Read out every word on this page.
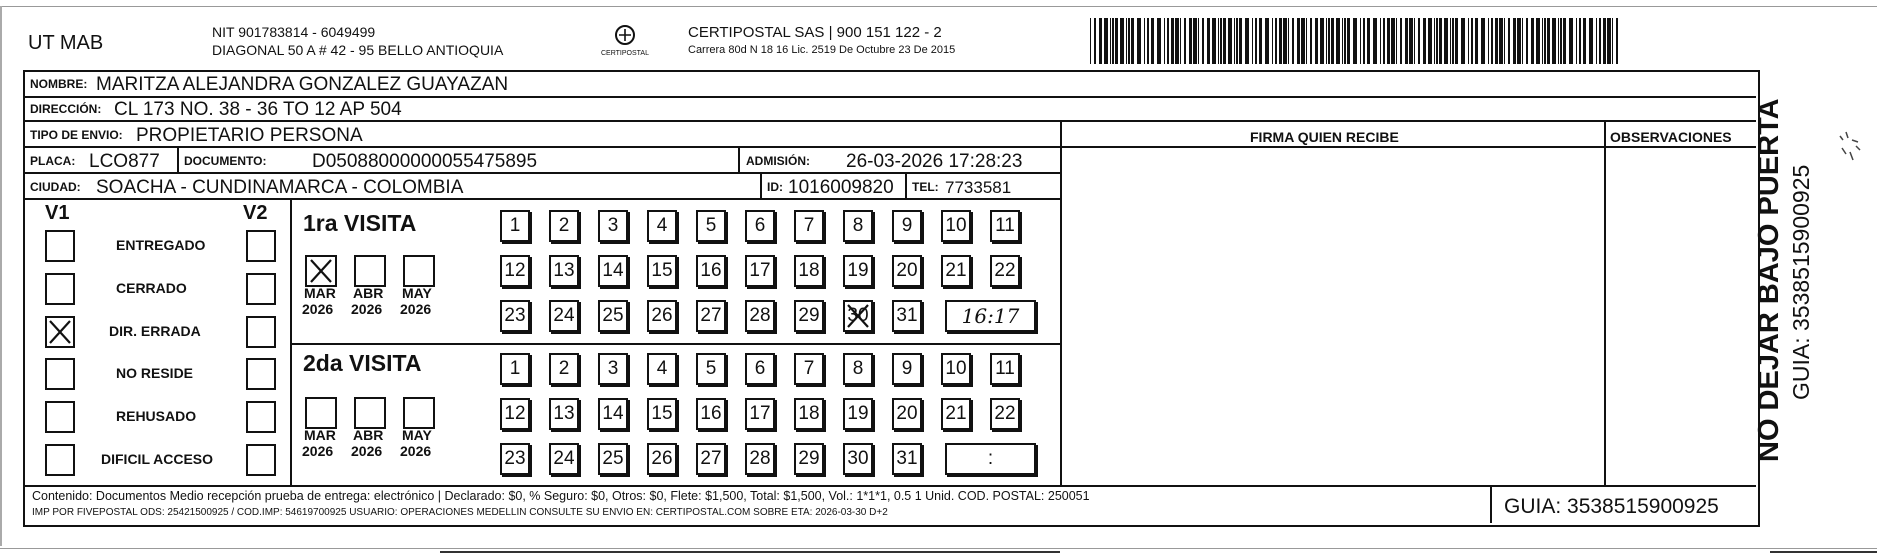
UT MAB	NIT 901783814 - 6049499
DIAGONAL 50 A # 42 - 95 BELLO ANTIOQUIA	CERTIPOSTAL
CERTIPOSTAL SAS | 900 151 122 - 2
Carrera 80d N 18 16 Lic. 2519 De Octubre 23 De 2015
NOMBRE: MARITZA ALEJANDRA GONZALEZ GUAYAZAN
DIRECCIÓN: CL 173 NO. 38 - 36 TO 12 AP 504
TIPO DE ENVIO: PROPIETARIO PERSONA	FIRMA QUIEN RECIBE	OBSERVACIONES
PLACA: LCO877 DOCUMENTO: D05088000000055475895	ADMISIÓN: 26-03-2026 17:28:23
CIUDAD: SOACHA - CUNDINAMARCA - COLOMBIA	ID: 1016009820 TEL: 7733581
V1	V2
ENTREGADO
CERRADO
DIR. ERRADA
NO RESIDE
REHUSADO
DIFICIL ACCESO
1ra VISITA
2da VISITA
MAR
2026
ABR
2026
MAY
2026
MAR
2026
ABR
2026
MAY
2026
1	2	3	4	5	6	7	8	9	10 11
12 13 14 15 16 17 18 19 20 21 22
23 24 25 26 27 28 29 30 31	16:17
1	2	3	4	5	6	7	8	9	10 11
12 13 14 15 16 17 18 19 20 21 22
23 24 25 26 27 28 29 30 31	:
Contenido: Documentos Medio recepción prueba de entrega: electrónico | Declarado: $0, % Seguro: $0, Otros: $0, Flete: $1,500, Total: $1,500, Vol.: 1*1*1, 0.5 1 Unid. COD. POSTAL: 250051
IMP POR FIVEPOSTAL ODS: 25421500925 / COD.IMP: 54619700925 USUARIO: OPERACIONES MEDELLIN CONSULTE SU ENVIO EN: CERTIPOSTAL.COM SOBRE ETA: 2026-03-30 D+2	GUIA: 3538515900925
NO DEJAR BAJO PUERTA GUIA: 3538515900925
